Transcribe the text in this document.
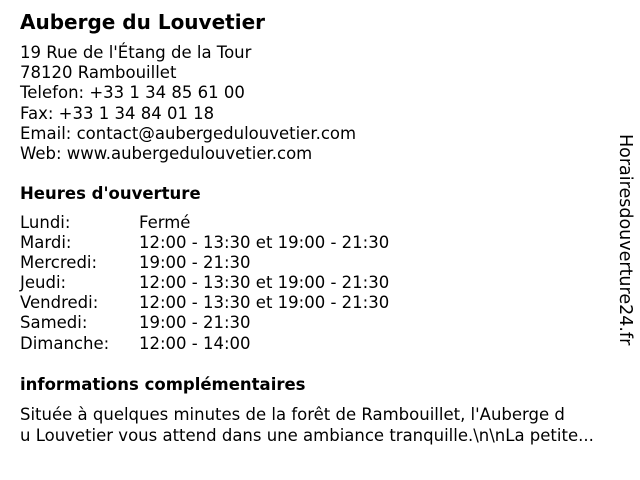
Auberge du Louvetier
19 Rue de l'Étang de la Tour
78120 Rambouillet
Telefon: +33 1 34 85 61 00
Fax: +33 1 34 84 01 18
Email: contact@aubergedulouvetier.com
Web: www.aubergedulouvetier.com
Heures d'ouverture
Lundi:	Fermé
Mardi:	12:00 - 13:30 et 19:00 - 21:30
Mercredi:	19:00 - 21:30
Jeudi:	12:00 - 13:30 et 19:00 - 21:30
Vendredi:	12:00 - 13:30 et 19:00 - 21:30
Samedi:	19:00 - 21:30
Dimanche:	12:00 - 14:00
informations complémentaires
Située à quelques minutes de la forêt de Rambouillet, l'Auberge d
u Louvetier vous attend dans une ambiance tranquille.\n\nLa petite...
Horairesdouverture24.fr
